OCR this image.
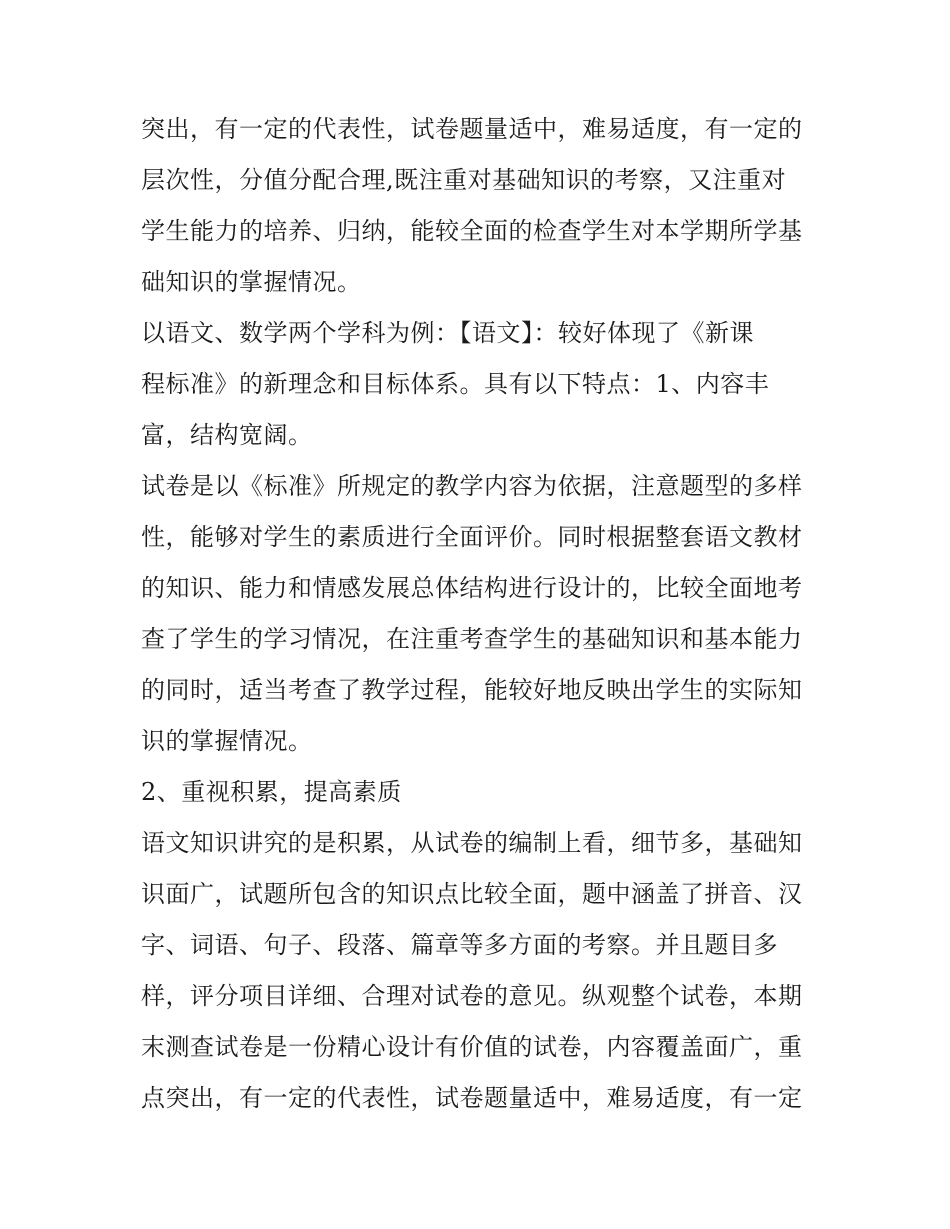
突出，有一定的代表性，试卷题量适中，难易适度，有一定的
层次性，分值分配合理,既注重对基础知识的考察，又注重对
学生能力的培养、归纳，能较全面的检查学生对本学期所学基
础知识的掌握情况。
以语文、数学两个学科为例：【语文】：较好体现了《新课
程标准》的新理念和目标体系。具有以下特点：1、内容丰
富，结构宽阔。
试卷是以《标准》所规定的教学内容为依据，注意题型的多样
性，能够对学生的素质进行全面评价。同时根据整套语文教材
的知识、能力和情感发展总体结构进行设计的，比较全面地考
查了学生的学习情况，在注重考查学生的基础知识和基本能力
的同时，适当考查了教学过程，能较好地反映出学生的实际知
识的掌握情况。
2、重视积累，提高素质
语文知识讲究的是积累，从试卷的编制上看，细节多，基础知
识面广，试题所包含的知识点比较全面，题中涵盖了拼音、汉
字、词语、句子、段落、篇章等多方面的考察。并且题目多
样，评分项目详细、合理对试卷的意见。纵观整个试卷，本期
末测查试卷是一份精心设计有价值的试卷，内容覆盖面广，重
点突出，有一定的代表性，试卷题量适中，难易适度，有一定
